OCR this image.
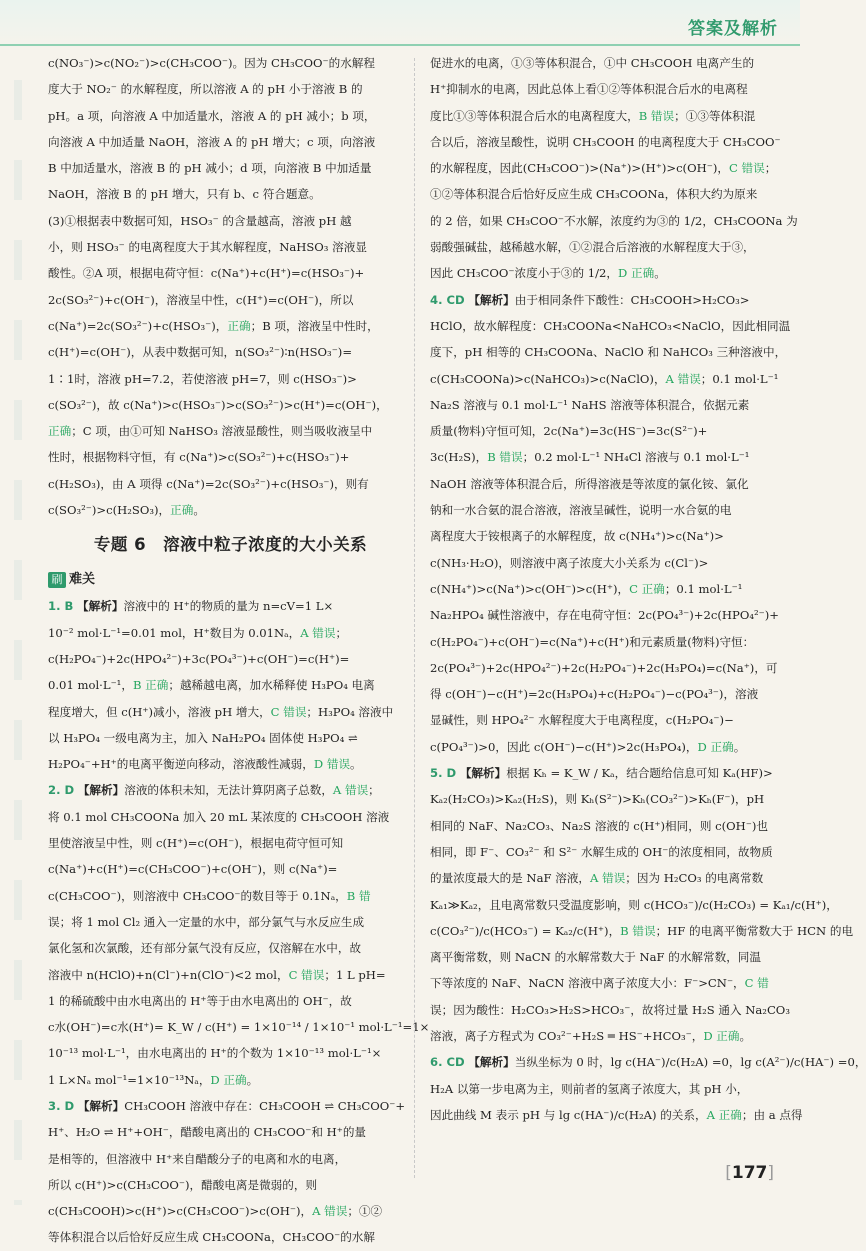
答案及解析
c(NO₃⁻)>c(NO₂⁻)>c(CH₃COO⁻)。因为 CH₃COO⁻的水解程
度大于 NO₂⁻ 的水解程度，所以溶液 A 的 pH 小于溶液 B 的
pH。a 项，向溶液 A 中加适量水，溶液 A 的 pH 减小；b 项，
向溶液 A 中加适量 NaOH，溶液 A 的 pH 增大；c 项，向溶液
B 中加适量水，溶液 B 的 pH 减小；d 项，向溶液 B 中加适量
NaOH，溶液 B 的 pH 增大，只有 b、c 符合题意。
(3)①根据表中数据可知，HSO₃⁻ 的含量越高，溶液 pH 越
小，则 HSO₃⁻ 的电离程度大于其水解程度，NaHSO₃ 溶液显
酸性。②A 项，根据电荷守恒：c(Na⁺)+c(H⁺)=c(HSO₃⁻)+
2c(SO₃²⁻)+c(OH⁻)，溶液呈中性，c(H⁺)=c(OH⁻)，所以
c(Na⁺)=2c(SO₃²⁻)+c(HSO₃⁻)，正确；B 项，溶液呈中性时，
c(H⁺)=c(OH⁻)，从表中数据可知，n(SO₃²⁻)∶n(HSO₃⁻)=
1∶1时，溶液 pH=7.2，若使溶液 pH=7，则 c(HSO₃⁻)>
c(SO₃²⁻)，故 c(Na⁺)>c(HSO₃⁻)>c(SO₃²⁻)>c(H⁺)=c(OH⁻)，
正确；C 项，由①可知 NaHSO₃ 溶液显酸性，则当吸收液呈中
性时，根据物料守恒，有 c(Na⁺)>c(SO₃²⁻)+c(HSO₃⁻)+
c(H₂SO₃)，由 A 项得 c(Na⁺)=2c(SO₃²⁻)+c(HSO₃⁻)，则有
c(SO₃²⁻)>c(H₂SO₃)，正确。
专题 6　溶液中粒子浓度的大小关系
刷 难关
1. B 【解析】溶液中的 H⁺的物质的量为 n=cV=1 L×
10⁻² mol·L⁻¹=0.01 mol，H⁺数目为 0.01Nₐ，A 错误；
c(H₂PO₄⁻)+2c(HPO₄²⁻)+3c(PO₄³⁻)+c(OH⁻)=c(H⁺)=
0.01 mol·L⁻¹，B 正确；越稀越电离，加水稀释使 H₃PO₄ 电离
程度增大，但 c(H⁺)减小，溶液 pH 增大，C 错误；H₃PO₄ 溶液中
以 H₃PO₄ 一级电离为主，加入 NaH₂PO₄ 固体使 H₃PO₄ ⇌
H₂PO₄⁻+H⁺的电离平衡逆向移动，溶液酸性减弱，D 错误。
2. D 【解析】溶液的体积未知，无法计算阴离子总数，A 错误；
将 0.1 mol CH₃COONa 加入 20 mL 某浓度的 CH₃COOH 溶液
里使溶液呈中性，则 c(H⁺)=c(OH⁻)，根据电荷守恒可知
c(Na⁺)+c(H⁺)=c(CH₃COO⁻)+c(OH⁻)，则 c(Na⁺)=
c(CH₃COO⁻)，则溶液中 CH₃COO⁻的数目等于 0.1Nₐ，B 错
误；将 1 mol Cl₂ 通入一定量的水中，部分氯气与水反应生成
氯化氢和次氯酸，还有部分氯气没有反应，仅溶解在水中，故
溶液中 n(HClO)+n(Cl⁻)+n(ClO⁻)<2 mol，C 错误；1 L pH=
1 的稀硫酸中由水电离出的 H⁺等于由水电离出的 OH⁻，故
c水(OH⁻)=c水(H⁺)= K_W / c(H⁺) = 1×10⁻¹⁴ / 1×10⁻¹ mol·L⁻¹=1×
10⁻¹³ mol·L⁻¹，由水电离出的 H⁺的个数为 1×10⁻¹³ mol·L⁻¹×
1 L×Nₐ mol⁻¹=1×10⁻¹³Nₐ，D 正确。
3. D 【解析】CH₃COOH 溶液中存在：CH₃COOH ⇌ CH₃COO⁻+
H⁺、H₂O ⇌ H⁺+OH⁻，醋酸电离出的 CH₃COO⁻和 H⁺的量
是相等的，但溶液中 H⁺来自醋酸分子的电离和水的电离，
所以 c(H⁺)>c(CH₃COO⁻)，醋酸电离是微弱的，则
c(CH₃COOH)>c(H⁺)>c(CH₃COO⁻)>c(OH⁻)，A 错误；①②
等体积混合以后恰好反应生成 CH₃COONa，CH₃COO⁻的水解
促进水的电离，①③等体积混合，①中 CH₃COOH 电离产生的
H⁺抑制水的电离，因此总体上看①②等体积混合后水的电离程
度比①③等体积混合后水的电离程度大，B 错误；①③等体积混
合以后，溶液呈酸性，说明 CH₃COOH 的电离程度大于 CH₃COO⁻
的水解程度，因此(CH₃COO⁻)>(Na⁺)>(H⁺)>c(OH⁻)，C 错误；
①②等体积混合后恰好反应生成 CH₃COONa，体积大约为原来
的 2 倍，如果 CH₃COO⁻不水解，浓度约为③的 1/2，CH₃COONa 为
弱酸强碱盐，越稀越水解，①②混合后溶液的水解程度大于③，
因此 CH₃COO⁻浓度小于③的 1/2，D 正确。
4. CD 【解析】由于相同条件下酸性：CH₃COOH>H₂CO₃>
HClO，故水解程度：CH₃COONa<NaHCO₃<NaClO，因此相同温
度下，pH 相等的 CH₃COONa、NaClO 和 NaHCO₃ 三种溶液中，
c(CH₃COONa)>c(NaHCO₃)>c(NaClO)，A 错误；0.1 mol·L⁻¹
Na₂S 溶液与 0.1 mol·L⁻¹ NaHS 溶液等体积混合，依据元素
质量(物料)守恒可知，2c(Na⁺)=3c(HS⁻)=3c(S²⁻)+
3c(H₂S)，B 错误；0.2 mol·L⁻¹ NH₄Cl 溶液与 0.1 mol·L⁻¹
NaOH 溶液等体积混合后，所得溶液是等浓度的氯化铵、氯化
钠和一水合氨的混合溶液，溶液呈碱性，说明一水合氨的电
离程度大于铵根离子的水解程度，故 c(NH₄⁺)>c(Na⁺)>
c(NH₃·H₂O)，则溶液中离子浓度大小关系为 c(Cl⁻)>
c(NH₄⁺)>c(Na⁺)>c(OH⁻)>c(H⁺)，C 正确；0.1 mol·L⁻¹
Na₂HPO₄ 碱性溶液中，存在电荷守恒：2c(PO₄³⁻)+2c(HPO₄²⁻)+
c(H₂PO₄⁻)+c(OH⁻)=c(Na⁺)+c(H⁺)和元素质量(物料)守恒：
2c(PO₄³⁻)+2c(HPO₄²⁻)+2c(H₂PO₄⁻)+2c(H₃PO₄)=c(Na⁺)，可
得 c(OH⁻)−c(H⁺)=2c(H₃PO₄)+c(H₂PO₄⁻)−c(PO₄³⁻)，溶液
显碱性，则 HPO₄²⁻ 水解程度大于电离程度，c(H₂PO₄⁻)−
c(PO₄³⁻)>0，因此 c(OH⁻)−c(H⁺)>2c(H₃PO₄)，D 正确。
5. D 【解析】根据 Kₕ = K_W / Kₐ，结合题给信息可知 Kₐ(HF)>
Kₐ₂(H₂CO₃)>Kₐ₂(H₂S)，则 Kₕ(S²⁻)>Kₕ(CO₃²⁻)>Kₕ(F⁻)，pH
相同的 NaF、Na₂CO₃、Na₂S 溶液的 c(H⁺)相同，则 c(OH⁻)也
相同，即 F⁻、CO₃²⁻ 和 S²⁻ 水解生成的 OH⁻的浓度相同，故物质
的量浓度最大的是 NaF 溶液，A 错误；因为 H₂CO₃ 的电离常数
Kₐ₁≫Kₐ₂，且电离常数只受温度影响，则 c(HCO₃⁻)/c(H₂CO₃) = Kₐ₁/c(H⁺)，
c(CO₃²⁻)/c(HCO₃⁻) = Kₐ₂/c(H⁺)，B 错误；HF 的电离平衡常数大于 HCN 的电
离平衡常数，则 NaCN 的水解常数大于 NaF 的水解常数，同温
下等浓度的 NaF、NaCN 溶液中离子浓度大小：F⁻>CN⁻，C 错
误；因为酸性：H₂CO₃>H₂S>HCO₃⁻，故将过量 H₂S 通入 Na₂CO₃
溶液，离子方程式为 CO₃²⁻+H₂S ═ HS⁻+HCO₃⁻，D 正确。
6. CD 【解析】当纵坐标为 0 时，lg c(HA⁻)/c(H₂A) =0，lg c(A²⁻)/c(HA⁻) =0，
H₂A 以第一步电离为主，则前者的氢离子浓度大，其 pH 小，
因此曲线 M 表示 pH 与 lg c(HA⁻)/c(H₂A) 的关系，A 正确；由 a 点得
[177]
